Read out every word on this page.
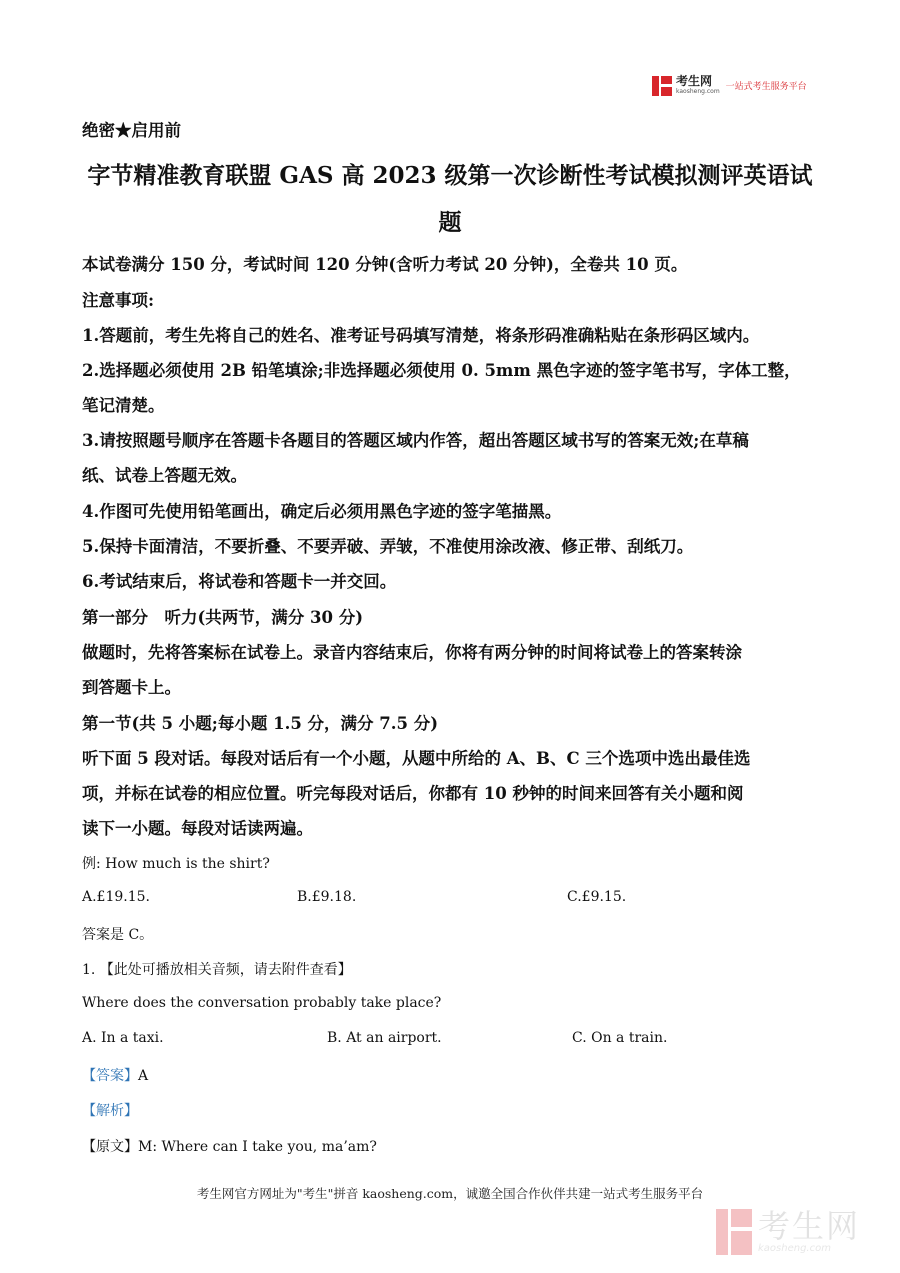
考生网
kaosheng.com 一站式考生服务平台
绝密★启用前
字节精准教育联盟 GAS 高 2023 级第一次诊断性考试模拟测评英语试
题
本试卷满分 150 分，考试时间 120 分钟(含听力考试 20 分钟)，全卷共 10 页。
注意事项:
1.答题前，考生先将自己的姓名、准考证号码填写清楚，将条形码准确粘贴在条形码区域内。
2.选择题必须使用 2B 铅笔填涂;非选择题必须使用 0. 5mm 黑色字迹的签字笔书写，字体工整，
笔记清楚。
3.请按照题号顺序在答题卡各题目的答题区域内作答，超出答题区域书写的答案无效;在草稿
纸、试卷上答题无效。
4.作图可先使用铅笔画出，确定后必须用黑色字迹的签字笔描黑。
5.保持卡面清洁，不要折叠、不要弄破、弄皱，不准使用涂改液、修正带、刮纸刀。
6.考试结束后，将试卷和答题卡一并交回。
第一部分　听力(共两节，满分 30 分)
做题时，先将答案标在试卷上。录音内容结束后，你将有两分钟的时间将试卷上的答案转涂
到答题卡上。
第一节(共 5 小题;每小题 1.5 分，满分 7.5 分)
听下面 5 段对话。每段对话后有一个小题，从题中所给的 A、B、C 三个选项中选出最佳选
项，并标在试卷的相应位置。听完每段对话后，你都有 10 秒钟的时间来回答有关小题和阅
读下一小题。每段对话读两遍。
例: How much is the shirt?
A.£19.15.	B.£9.18.	C.£9.15.
答案是 C。
1. 【此处可播放相关音频，请去附件查看】
Where does the conversation probably take place?
A. In a taxi.	B. At an airport.	C. On a train.
【答案】A
【解析】
【原文】M: Where can I take you, ma’am?
考生网官方网址为"考生"拼音 kaosheng.com，诚邀全国合作伙伴共建一站式考生服务平台
考生网
kaosheng.com
